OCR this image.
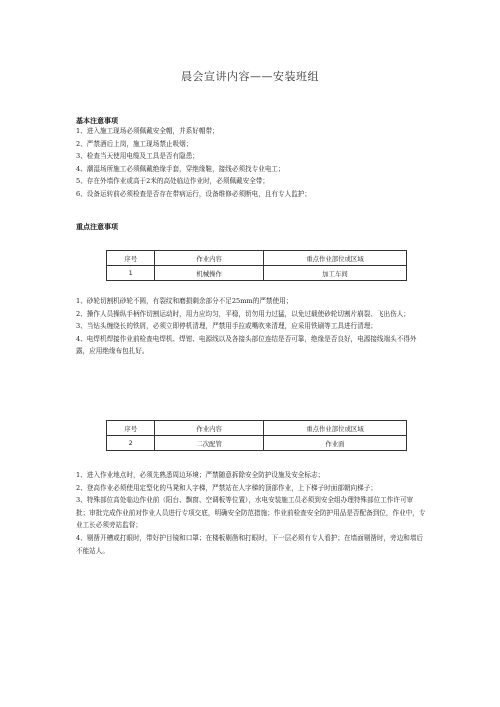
晨会宣讲内容——安装班组
基本注意事项
1、进入施工现场必须佩戴安全帽，并系好帽带；
2、严禁酒后上岗，施工现场禁止吸烟；
3、检查当天使用电缆及工具是否有隐患；
4、潮湿场所施工必须佩戴绝缘手套，穿绝缘鞋，接线必须找专业电工；
5、存在外墙作业或高于2米的高处临边作业时，必须佩戴安全带；
6、设备运转前必须检查是否存在带病运行，设备维修必须断电，且有专人监护；
重点注意事项
序号	作业内容	重点作业部位或区域
1	机械操作	加工车间
1、砂轮切割机砂轮不圆，有裂纹和磨损剩余部分不足25mm的严禁使用；
2、操作人员操纵手柄作切割运动时，用力应均匀，平稳，切勿用力过猛，以免过载使砂轮切割片崩裂、飞出伤人；
3、当钻头缠绕长的铁屑，必须立即停机清理，严禁用手拉或嘴吹来清理，应采用铁刷等工具进行清理；
4、电焊机焊接作业前检查电焊机、焊钳、电源线以及各接头部位连结是否可靠，绝缘是否良好，电源接线端头不得外露，应用绝缘布包扎好。
序号	作业内容	重点作业部位或区域
2	二次配管	作业面
1、进入作业地点时，必须先熟悉周边环境；严禁随意拆除安全防护设施及安全标志；
2、登高作业必须使用定型化的马凳和人字梯，严禁站在人字梯的顶部作业，上下梯子时面部朝向梯子；
3、特殊部位高处临边作业前（阳台、飘窗、空调板等位置），水电安装施工员必须到安全组办理特殊部位工作许可审批；审批完成作业前对作业人员进行专项交底，明确安全防范措施；作业前检查安全防护用品是否配备到位，作业中，专业工长必须旁站监督；
4、剔凿开槽或打眼时，带好护目镜和口罩；在楼板剔凿和打眼时，下一层必须有专人看护；在墙面剔凿时，旁边和墙后不能站人。
